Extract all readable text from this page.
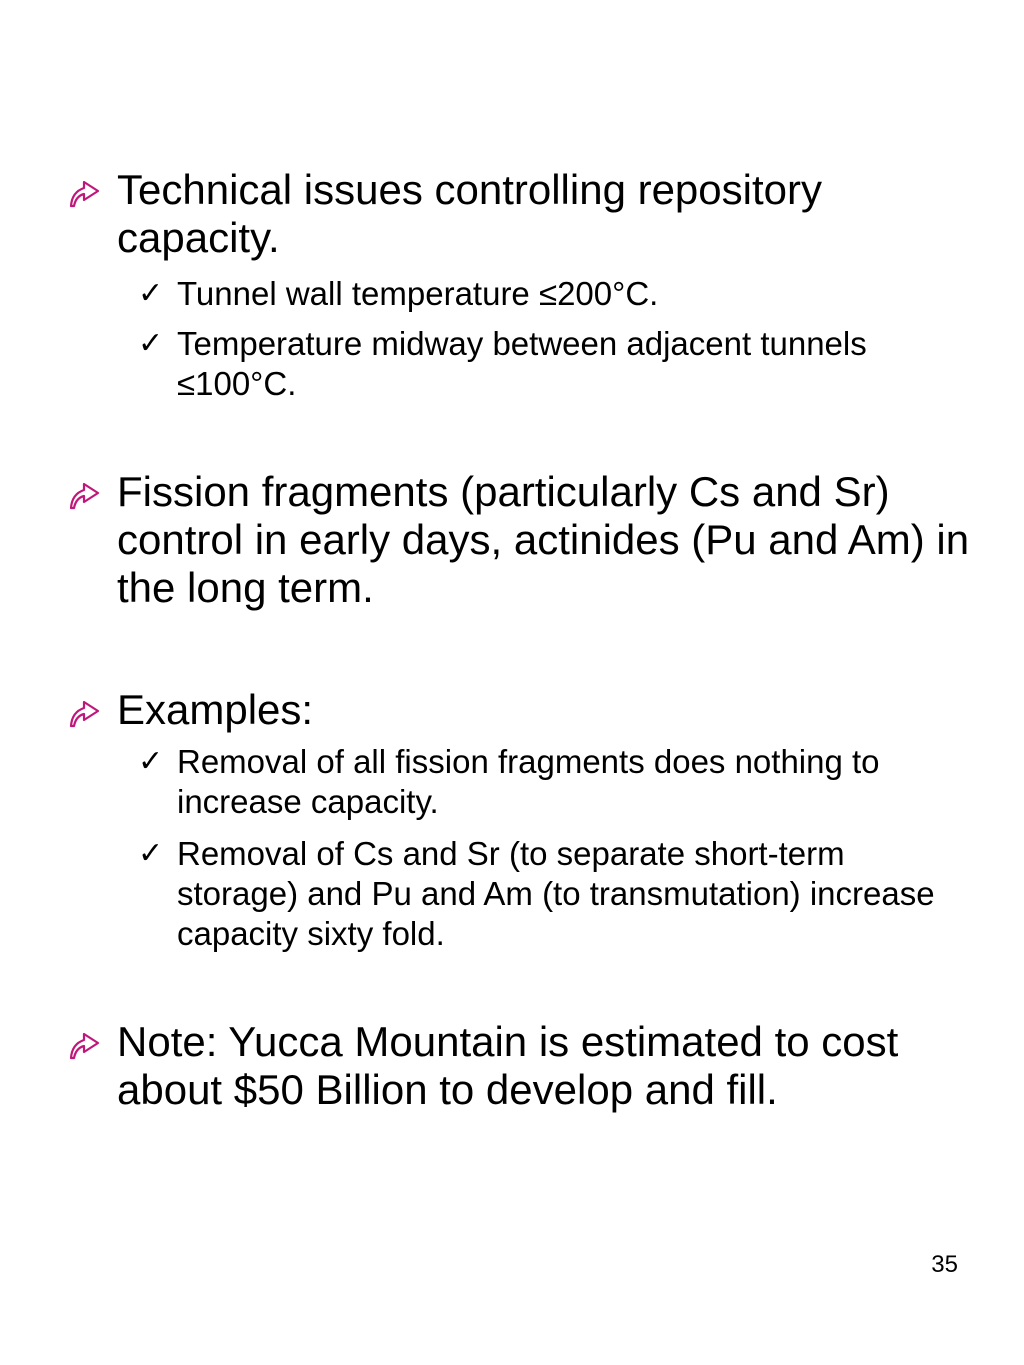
Technical issues controlling repository capacity.

✓ Tunnel wall temperature ≤200°C.

✓ Temperature midway between adjacent tunnels ≤100°C.

Fission fragments (particularly Cs and Sr) control in early days, actinides (Pu and Am) in the long term.

Examples:

✓ Removal of all fission fragments does nothing to increase capacity.

✓ Removal of Cs and Sr (to separate short-term storage) and Pu and Am (to transmutation) increase capacity sixty fold.

Note: Yucca Mountain is estimated to cost about $50 Billion to develop and fill.

35
